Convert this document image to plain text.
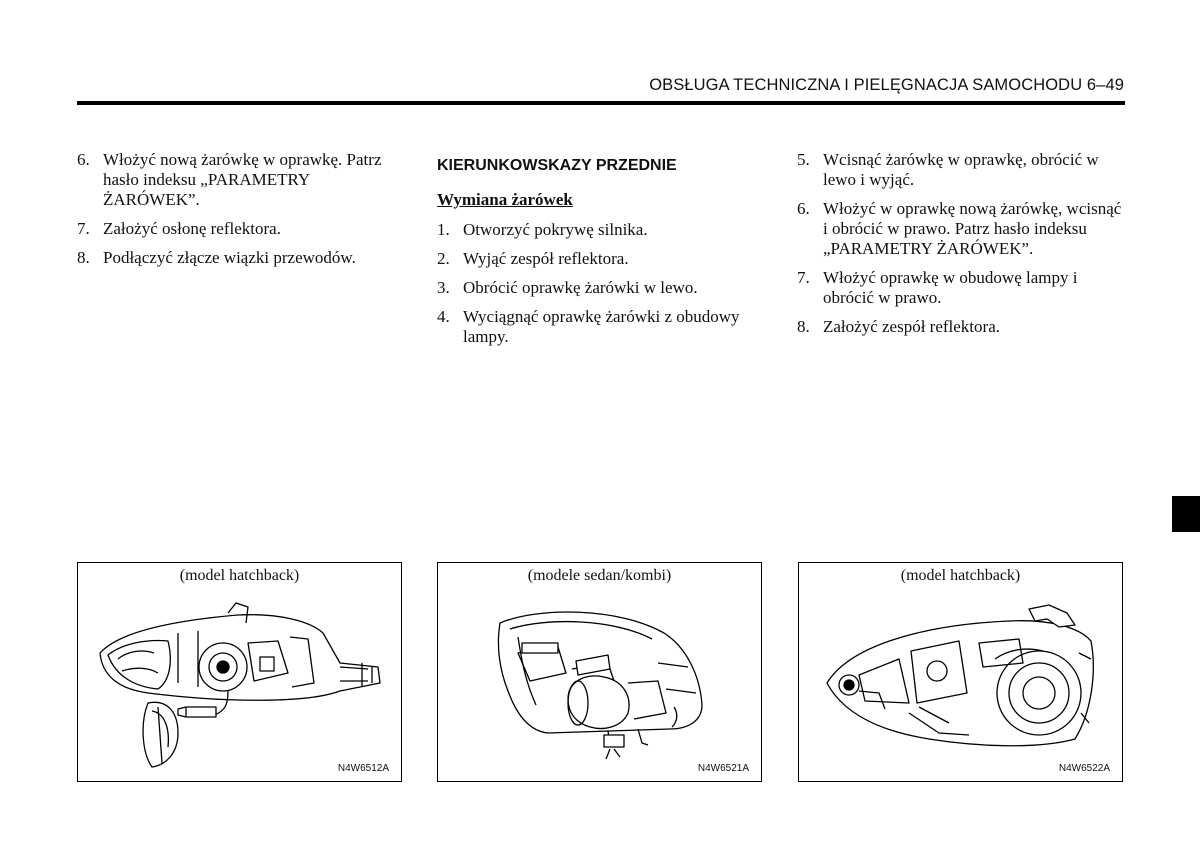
OBSŁUGA TECHNICZNA I PIELĘGNACJA SAMOCHODU 6–49
6. Włożyć nową żarówkę w oprawkę. Patrz hasło indeksu „PARAMETRY ŻARÓWEK”.
7. Założyć osłonę reflektora.
8. Podłączyć złącze wiązki przewodów.
KIERUNKOWSKAZY PRZEDNIE
Wymiana żarówek
1. Otworzyć pokrywę silnika.
2. Wyjąć zespół reflektora.
3. Obrócić oprawkę żarówki w lewo.
4. Wyciągnąć oprawkę żarówki z obudowy lampy.
5. Wcisnąć żarówkę w oprawkę, obrócić w lewo i wyjąć.
6. Włożyć w oprawkę nową żarówkę, wcisnąć i obrócić w prawo. Patrz hasło indeksu „PARAMETRY ŻARÓWEK”.
7. Włożyć oprawkę w obudowę lampy i obrócić w prawo.
8. Założyć zespół reflektora.
(model hatchback)
N4W6512A
(modele sedan/kombi)
N4W6521A
(model hatchback)
N4W6522A
